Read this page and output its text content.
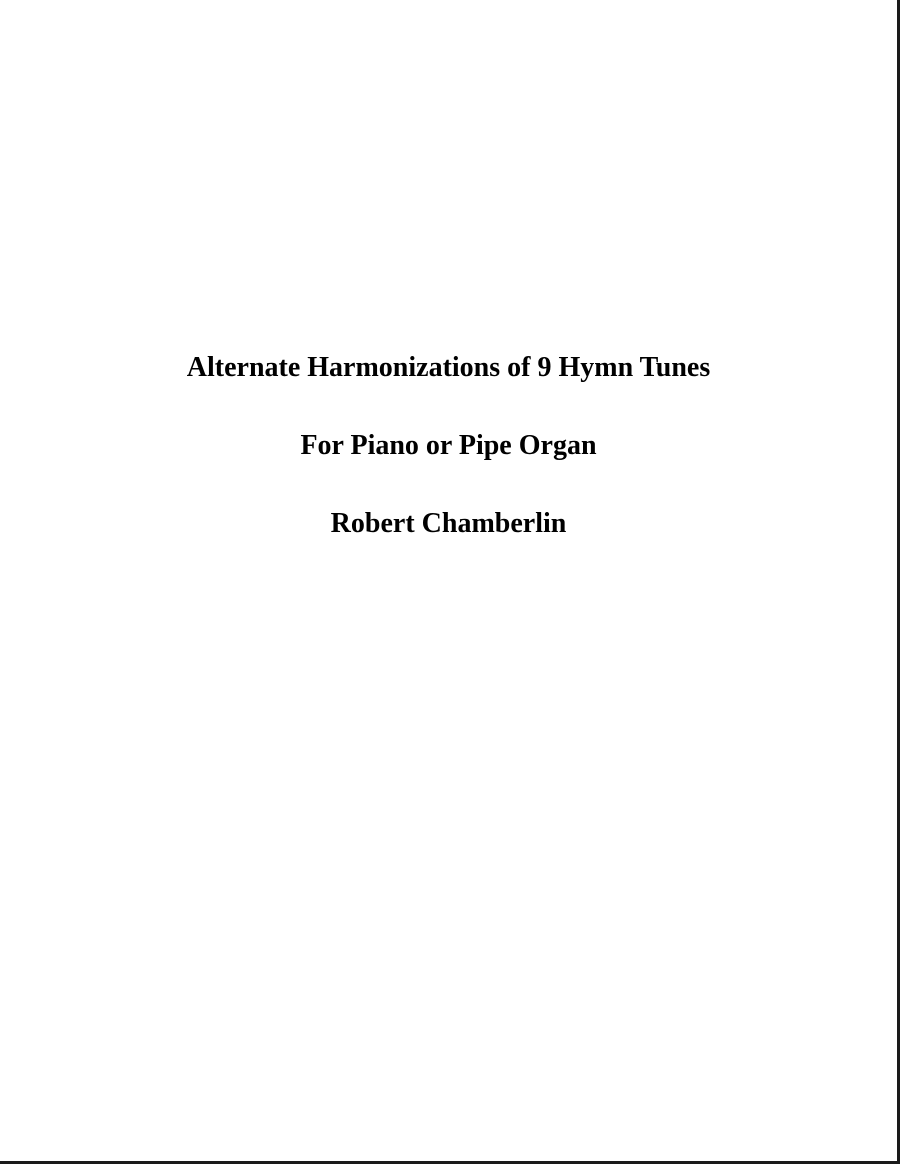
Alternate Harmonizations of 9 Hymn Tunes
For Piano or Pipe Organ
Robert Chamberlin
